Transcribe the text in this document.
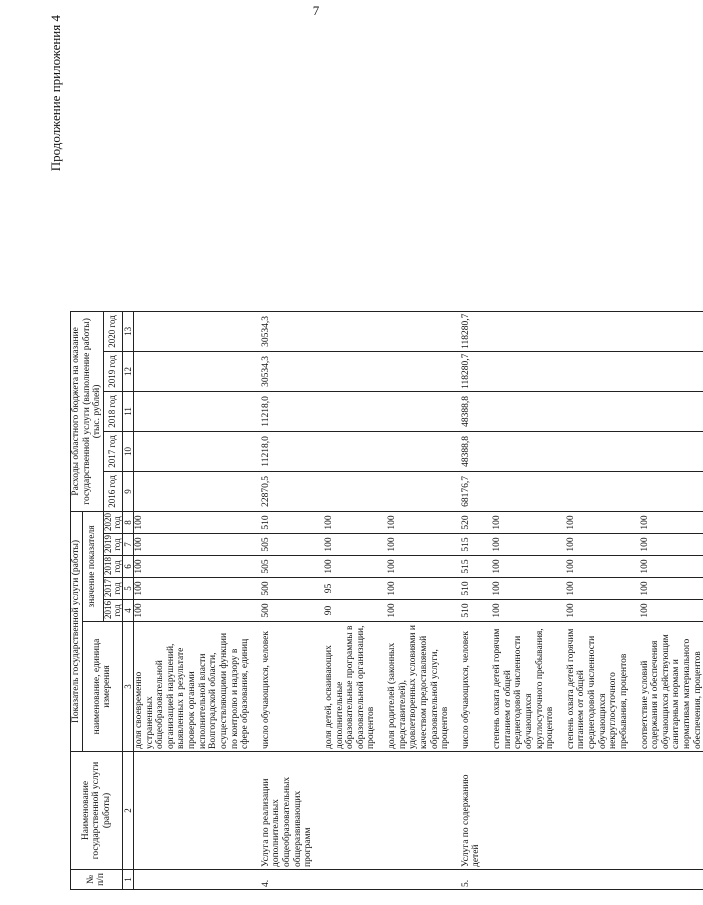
7
Продолжение приложения 4
№ п/п	Наименование государственной услуги (работы)	Показатель государственной услуги (работы)						Расходы областного бюджета на оказание государственной услуги (выполнение работы) (тыс. рублей)					
		наименование, единица измерения	значение показателя										
			2016 год	2017 год	2018 год	2019 год	2020 год	2016 год	2017 год	2018 год	2019 год	2020 год	
1	2	3	4	5	6	7	8	9	10	11	12	13	
		доля своевременно устраненных общеобразовательной организацией нарушений, выявленных в результате проверок органами исполнительной власти Волгоградской области, осуществляющими функции по контролю и надзору в сфере образования, единиц	100	100	100	100	100						

4.	Услуга по реализации дополнительных общеобразовательных общеразвивающих программ	число обучающихся, человек	500	500	505	505	510	22870,5	11218,0	11218,0	30534,3	30534,3	

		доля детей, осваивающих дополнительные образовательные программы в образовательной организации, процентов	90	95	100	100	100						

		доля родителей (законных представителей), удовлетворенных условиями и качеством предоставляемой образовательной услуги, процентов	100	100	100	100	100						

5.	Услуга по содержанию детей	число обучающихся, человек	510	510	515	515	520	68176,7	48388,8	48388,8	118280,7	118280,7	

		степень охвата детей горячим питанием от общей среднегодовой численности обучающихся круглосуточного пребывания, процентов	100	100	100	100	100						

		степень охвата детей горячим питанием от общей среднегодовой численности обучающихся некруглосуточного пребывания, процентов	100	100	100	100	100						

		соответствие условий содержания и обеспечения обучающихся действующим санитарным нормам и нормативам материального обеспечения, процентов	100	100	100	100	100						
